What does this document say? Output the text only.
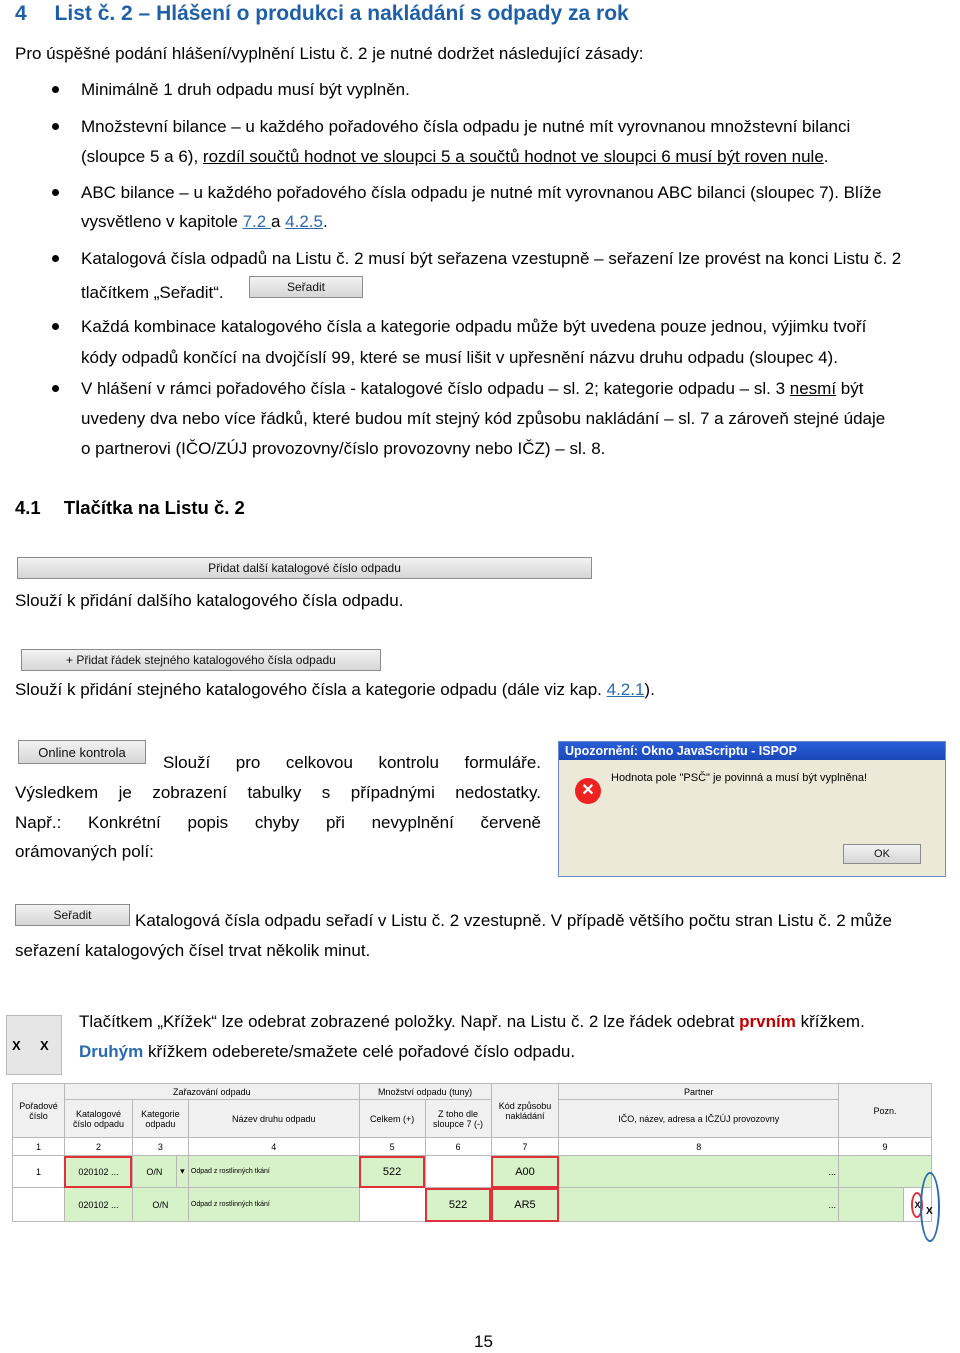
4 List č. 2 – Hlášení o produkci a nakládání s odpady za rok
Pro úspěšné podání hlášení/vyplnění Listu č. 2 je nutné dodržet následující zásady:
Minimálně 1 druh odpadu musí být vyplněn.
Množstevní bilance – u každého pořadového čísla odpadu je nutné mít vyrovnanou množstevní bilanci
(sloupce 5 a 6), rozdíl součtů hodnot ve sloupci 5 a součtů hodnot ve sloupci 6 musí být roven nule.
ABC bilance – u každého pořadového čísla odpadu je nutné mít vyrovnanou ABC bilanci (sloupec 7). Blíže
vysvětleno v kapitole 7.2 a 4.2.5.
Katalogová čísla odpadů na Listu č. 2 musí být seřazena vzestupně – seřazení lze provést na konci Listu č. 2
tlačítkem „Seřadit“.	Seřadit
Každá kombinace katalogového čísla a kategorie odpadu může být uvedena pouze jednou, výjimku tvoří
kódy odpadů končící na dvojčíslí 99, které se musí lišit v upřesnění názvu druhu odpadu (sloupec 4).
V hlášení v rámci pořadového čísla - katalogové číslo odpadu – sl. 2; kategorie odpadu – sl. 3 nesmí být
uvedeny dva nebo více řádků, které budou mít stejný kód způsobu nakládání – sl. 7 a zároveň stejné údaje
o partnerovi (IČO/ZÚJ provozovny/číslo provozovny nebo IČZ) – sl. 8.
4.1 Tlačítka na Listu č. 2
Přidat další katalogové číslo odpadu
Slouží k přidání dalšího katalogového čísla odpadu.
+ Přidat řádek stejného katalogového čísla odpadu
Slouží k přidání stejného katalogového čísla a kategorie odpadu (dále viz kap. 4.2.1).
Online kontrola
Slouží pro celkovou kontrolu formuláře.
Výsledkem je zobrazení tabulky s případnými nedostatky.
Např.: Konkrétní popis chyby při nevyplnění červeně
orámovaných polí:
Upozornění: Okno JavaScriptu - ISPOP
✕
Hodnota pole "PSČ" je povinná a musí být vyplněna!
OK
Seřadit	Katalogová čísla odpadu seřadí v Listu č. 2 vzestupně. V případě většího počtu stran Listu č. 2 může
seřazení katalogových čísel trvat několik minut.
X X
Tlačítkem „Křížek“ lze odebrat zobrazené položky. Např. na Listu č. 2 lze řádek odebrat prvním křížkem.
Druhým křížkem odeberete/smažete celé pořadové číslo odpadu.
Pořadové číslo	Zařazování odpadu				Množství odpadu (tuny)		Kód způsobu nakládání	Partner	Pozn.	
	Katalogové číslo odpadu	Kategorie odpadu		Název druhu odpadu	Celkem (+)	Z toho dle sloupce 7 (-)		IČO, název, adresa a IČZÚJ provozovny		
1	2	3		4	5	6	7	8	9	
1	020102 ...	O/N	▾	Odpad z rostlinných tkání	522		A00	...		
	020102 ...	O/N		Odpad z rostlinných tkání		522	AR5	...		X
X
15
